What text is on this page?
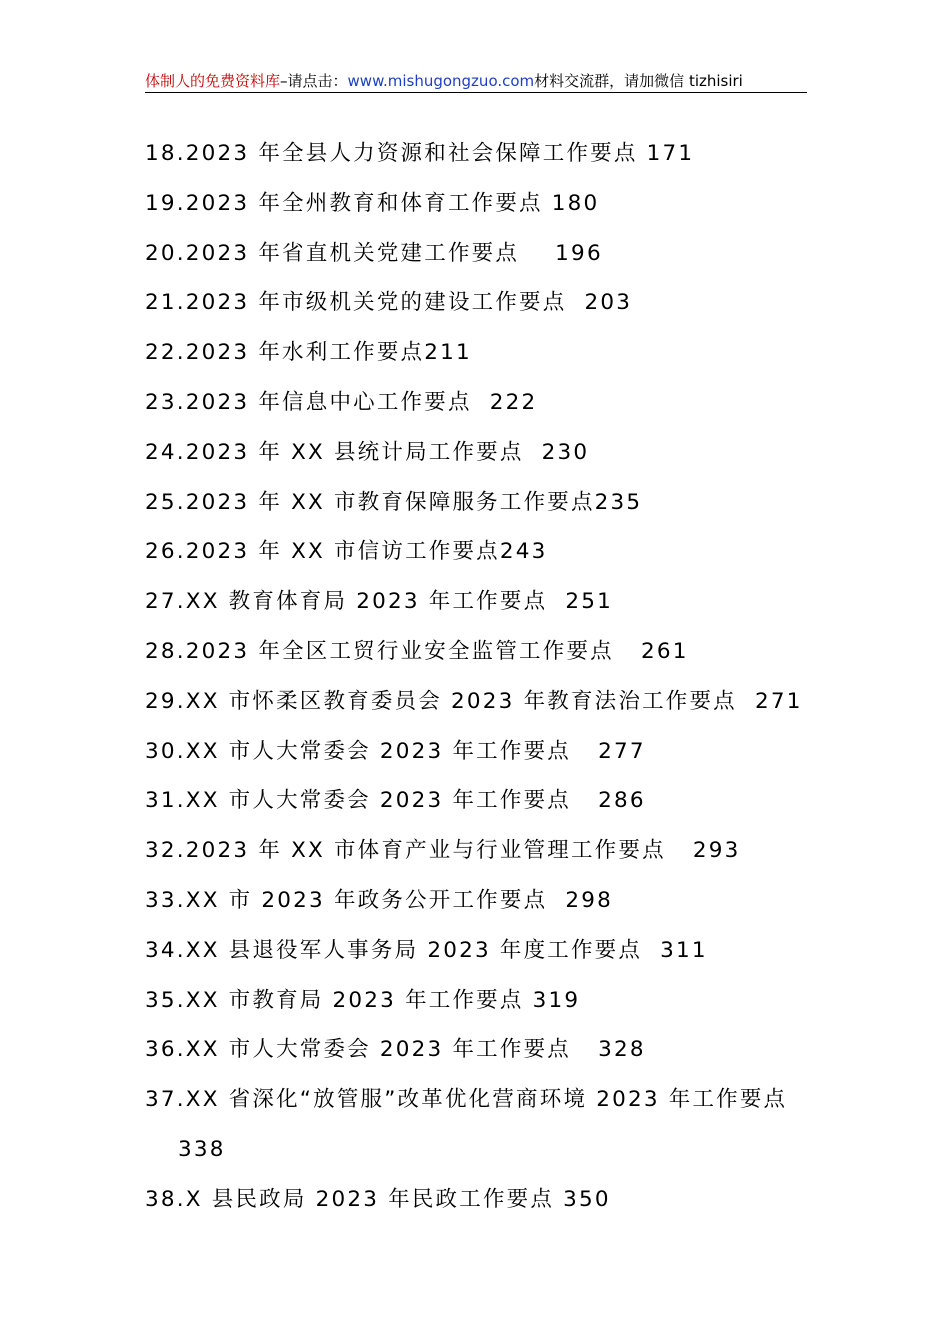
体制人的免费资料库–请点击：www.mishugongzuo.com材料交流群，请加微信 tizhisiri
18.2023 年全县人力资源和社会保障工作要点 171
19.2023 年全州教育和体育工作要点 180
20.2023 年省直机关党建工作要点    196
21.2023 年市级机关党的建设工作要点  203
22.2023 年水利工作要点211
23.2023 年信息中心工作要点  222
24.2023 年 XX 县统计局工作要点  230
25.2023 年 XX 市教育保障服务工作要点235
26.2023 年 XX 市信访工作要点243
27.XX 教育体育局 2023 年工作要点  251
28.2023 年全区工贸行业安全监管工作要点   261
29.XX 市怀柔区教育委员会 2023 年教育法治工作要点  271
30.XX 市人大常委会 2023 年工作要点   277
31.XX 市人大常委会 2023 年工作要点   286
32.2023 年 XX 市体育产业与行业管理工作要点   293
33.XX 市 2023 年政务公开工作要点  298
34.XX 县退役军人事务局 2023 年度工作要点  311
35.XX 市教育局 2023 年工作要点 319
36.XX 市人大常委会 2023 年工作要点   328
37.XX 省深化“放管服”改革优化营商环境 2023 年工作要点
338
38.X 县民政局 2023 年民政工作要点 350
